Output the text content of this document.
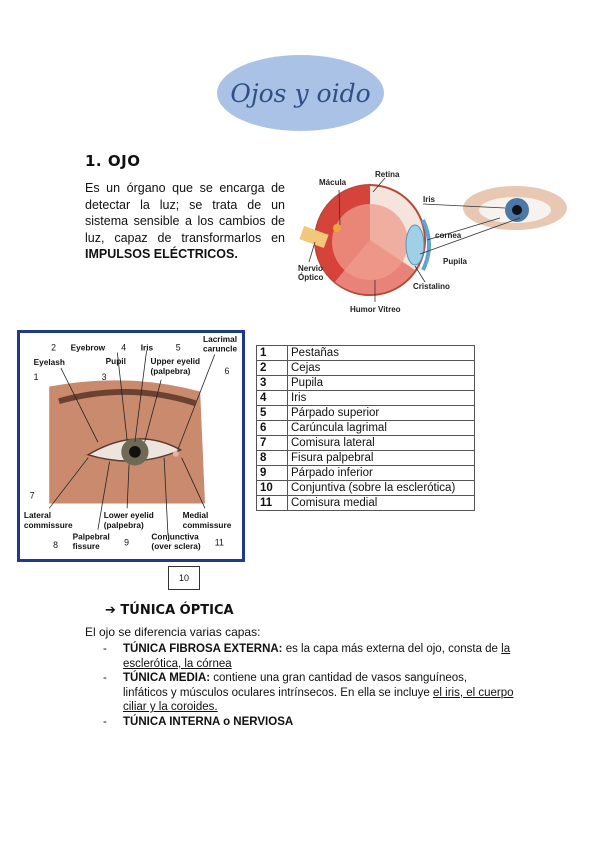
Ojos y oido
1. OJO
Es un órgano que se encarga de detectar la luz; se trata de un sistema sensible a los cambios de luz, capaz de transformarlos en IMPULSOS ELÉCTRICOS.
Mácula
Retina
Iris
cornea
Pupila
Nervio
Óptico
Cristalino
Humor Vitreo
Lacrimal
caruncle
Eyebrow	Iris
Pupil	Upper eyelid
(palpebra)
Eyelash
Lateral
commissure
Lower eyelid
(palpebra)
Medial
commissure
Palpebral
fissure
Conjunctiva
(over sclera)
1
2
3
4	5
6
7
8	9	11
1	Pestañas
2	Cejas
3	Pupila
4	Iris
5	Párpado superior
6	Carúncula lagrimal
7	Comisura lateral
8	Fisura palpebral
9	Párpado inferior
10	Conjuntiva (sobre la esclerótica)
11	Comisura medial
10
➔ TÚNICA ÓPTICA
El ojo se diferencia varias capas:
- TÚNICA FIBROSA EXTERNA: es la capa más externa del ojo, consta de la esclerótica, la córnea
- TÚNICA MEDIA: contiene una gran cantidad de vasos sanguíneos, linfáticos y músculos oculares intrínsecos. En ella se incluye el iris, el cuerpo ciliar y la coroides.
- TÚNICA INTERNA o NERVIOSA
